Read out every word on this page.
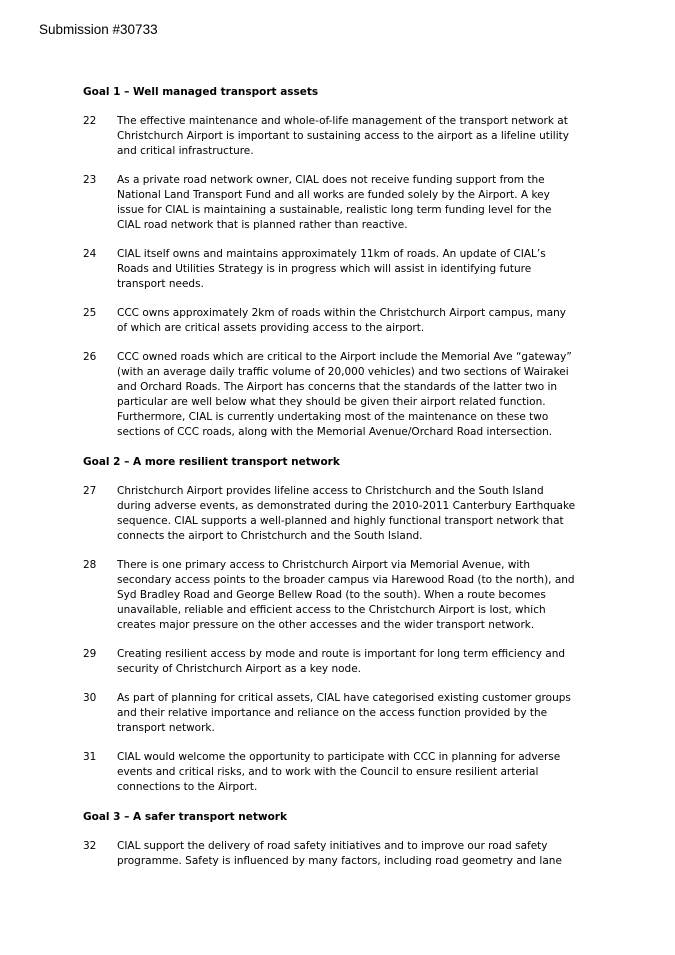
Submission #30733
Goal 1 – Well managed transport assets
22	The effective maintenance and whole-of-life management of the transport network at
Christchurch Airport is important to sustaining access to the airport as a lifeline utility
and critical infrastructure.
23	As a private road network owner, CIAL does not receive funding support from the
National Land Transport Fund and all works are funded solely by the Airport. A key
issue for CIAL is maintaining a sustainable, realistic long term funding level for the
CIAL road network that is planned rather than reactive.
24	CIAL itself owns and maintains approximately 11km of roads. An update of CIAL’s
Roads and Utilities Strategy is in progress which will assist in identifying future
transport needs.
25	CCC owns approximately 2km of roads within the Christchurch Airport campus, many
of which are critical assets providing access to the airport.
26	CCC owned roads which are critical to the Airport include the Memorial Ave “gateway”
(with an average daily traffic volume of 20,000 vehicles) and two sections of Wairakei
and Orchard Roads. The Airport has concerns that the standards of the latter two in
particular are well below what they should be given their airport related function.
Furthermore, CIAL is currently undertaking most of the maintenance on these two
sections of CCC roads, along with the Memorial Avenue/Orchard Road intersection.
Goal 2 – A more resilient transport network
27	Christchurch Airport provides lifeline access to Christchurch and the South Island
during adverse events, as demonstrated during the 2010-2011 Canterbury Earthquake
sequence. CIAL supports a well-planned and highly functional transport network that
connects the airport to Christchurch and the South Island.
28	There is one primary access to Christchurch Airport via Memorial Avenue, with
secondary access points to the broader campus via Harewood Road (to the north), and
Syd Bradley Road and George Bellew Road (to the south). When a route becomes
unavailable, reliable and efficient access to the Christchurch Airport is lost, which
creates major pressure on the other accesses and the wider transport network.
29	Creating resilient access by mode and route is important for long term efficiency and
security of Christchurch Airport as a key node.
30	As part of planning for critical assets, CIAL have categorised existing customer groups
and their relative importance and reliance on the access function provided by the
transport network.
31	CIAL would welcome the opportunity to participate with CCC in planning for adverse
events and critical risks, and to work with the Council to ensure resilient arterial
connections to the Airport.
Goal 3 – A safer transport network
32	CIAL support the delivery of road safety initiatives and to improve our road safety
programme. Safety is influenced by many factors, including road geometry and lane
